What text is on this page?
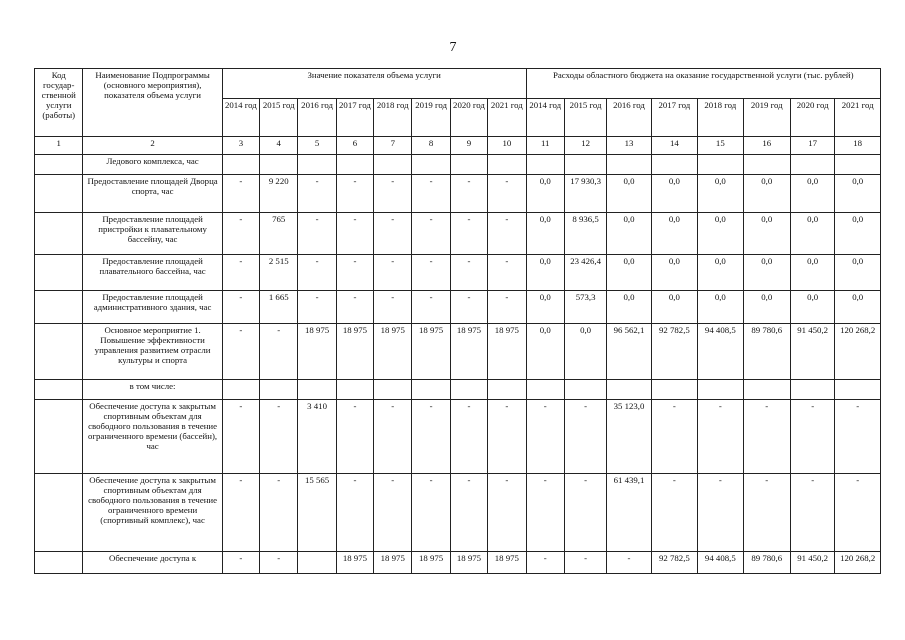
7
Код государ-ственной услуги (работы)	Наименование Подпрограммы (основного мероприятия), показателя объема услуги	Значение показателя объема услуги								Расходы областного бюджета на оказание государственной услуги (тыс. рублей)							
		2014 год	2015 год	2016 год	2017 год	2018 год	2019 год	2020 год	2021 год	2014 год	2015 год	2016 год	2017 год	2018 год	2019 год	2020 год	2021 год
1	2	3	4	5	6	7	8	9	10	11	12	13	14	15	16	17	18
	Ледового комплекса, час																
	Предоставление площадей Дворца спорта, час	-	9 220	-	-	-	-	-	-	0,0	17 930,3	0,0	0,0	0,0	0,0	0,0	0,0
	Предоставление площадей пристройки к плавательному бассейну, час	-	765	-	-	-	-	-	-	0,0	8 936,5	0,0	0,0	0,0	0,0	0,0	0,0
	Предоставление площадей плавательного бассейна, час	-	2 515	-	-	-	-	-	-	0,0	23 426,4	0,0	0,0	0,0	0,0	0,0	0,0
	Предоставление площадей административного здания, час	-	1 665	-	-	-	-	-	-	0,0	573,3	0,0	0,0	0,0	0,0	0,0	0,0
	Основное мероприятие 1. Повышение эффективности управления развитием отрасли культуры и спорта	-	-	18 975	18 975	18 975	18 975	18 975	18 975	0,0	0,0	96 562,1	92 782,5	94 408,5	89 780,6	91 450,2	120 268,2
	в том числе:																
	Обеспечение доступа к закрытым спортивным объектам для свободного пользования в течение ограниченного времени (бассейн), час	-	-	3 410	-	-	-	-	-	-	-	35 123,0	-	-	-	-	-
	Обеспечение доступа к закрытым спортивным объектам для свободного пользования в течение ограниченного времени (спортивный комплекс), час	-	-	15 565	-	-	-	-	-	-	-	61 439,1	-	-	-	-	-
	Обеспечение доступа к	-	-		18 975	18 975	18 975	18 975	18 975	-	-	-	92 782,5	94 408,5	89 780,6	91 450,2	120 268,2
